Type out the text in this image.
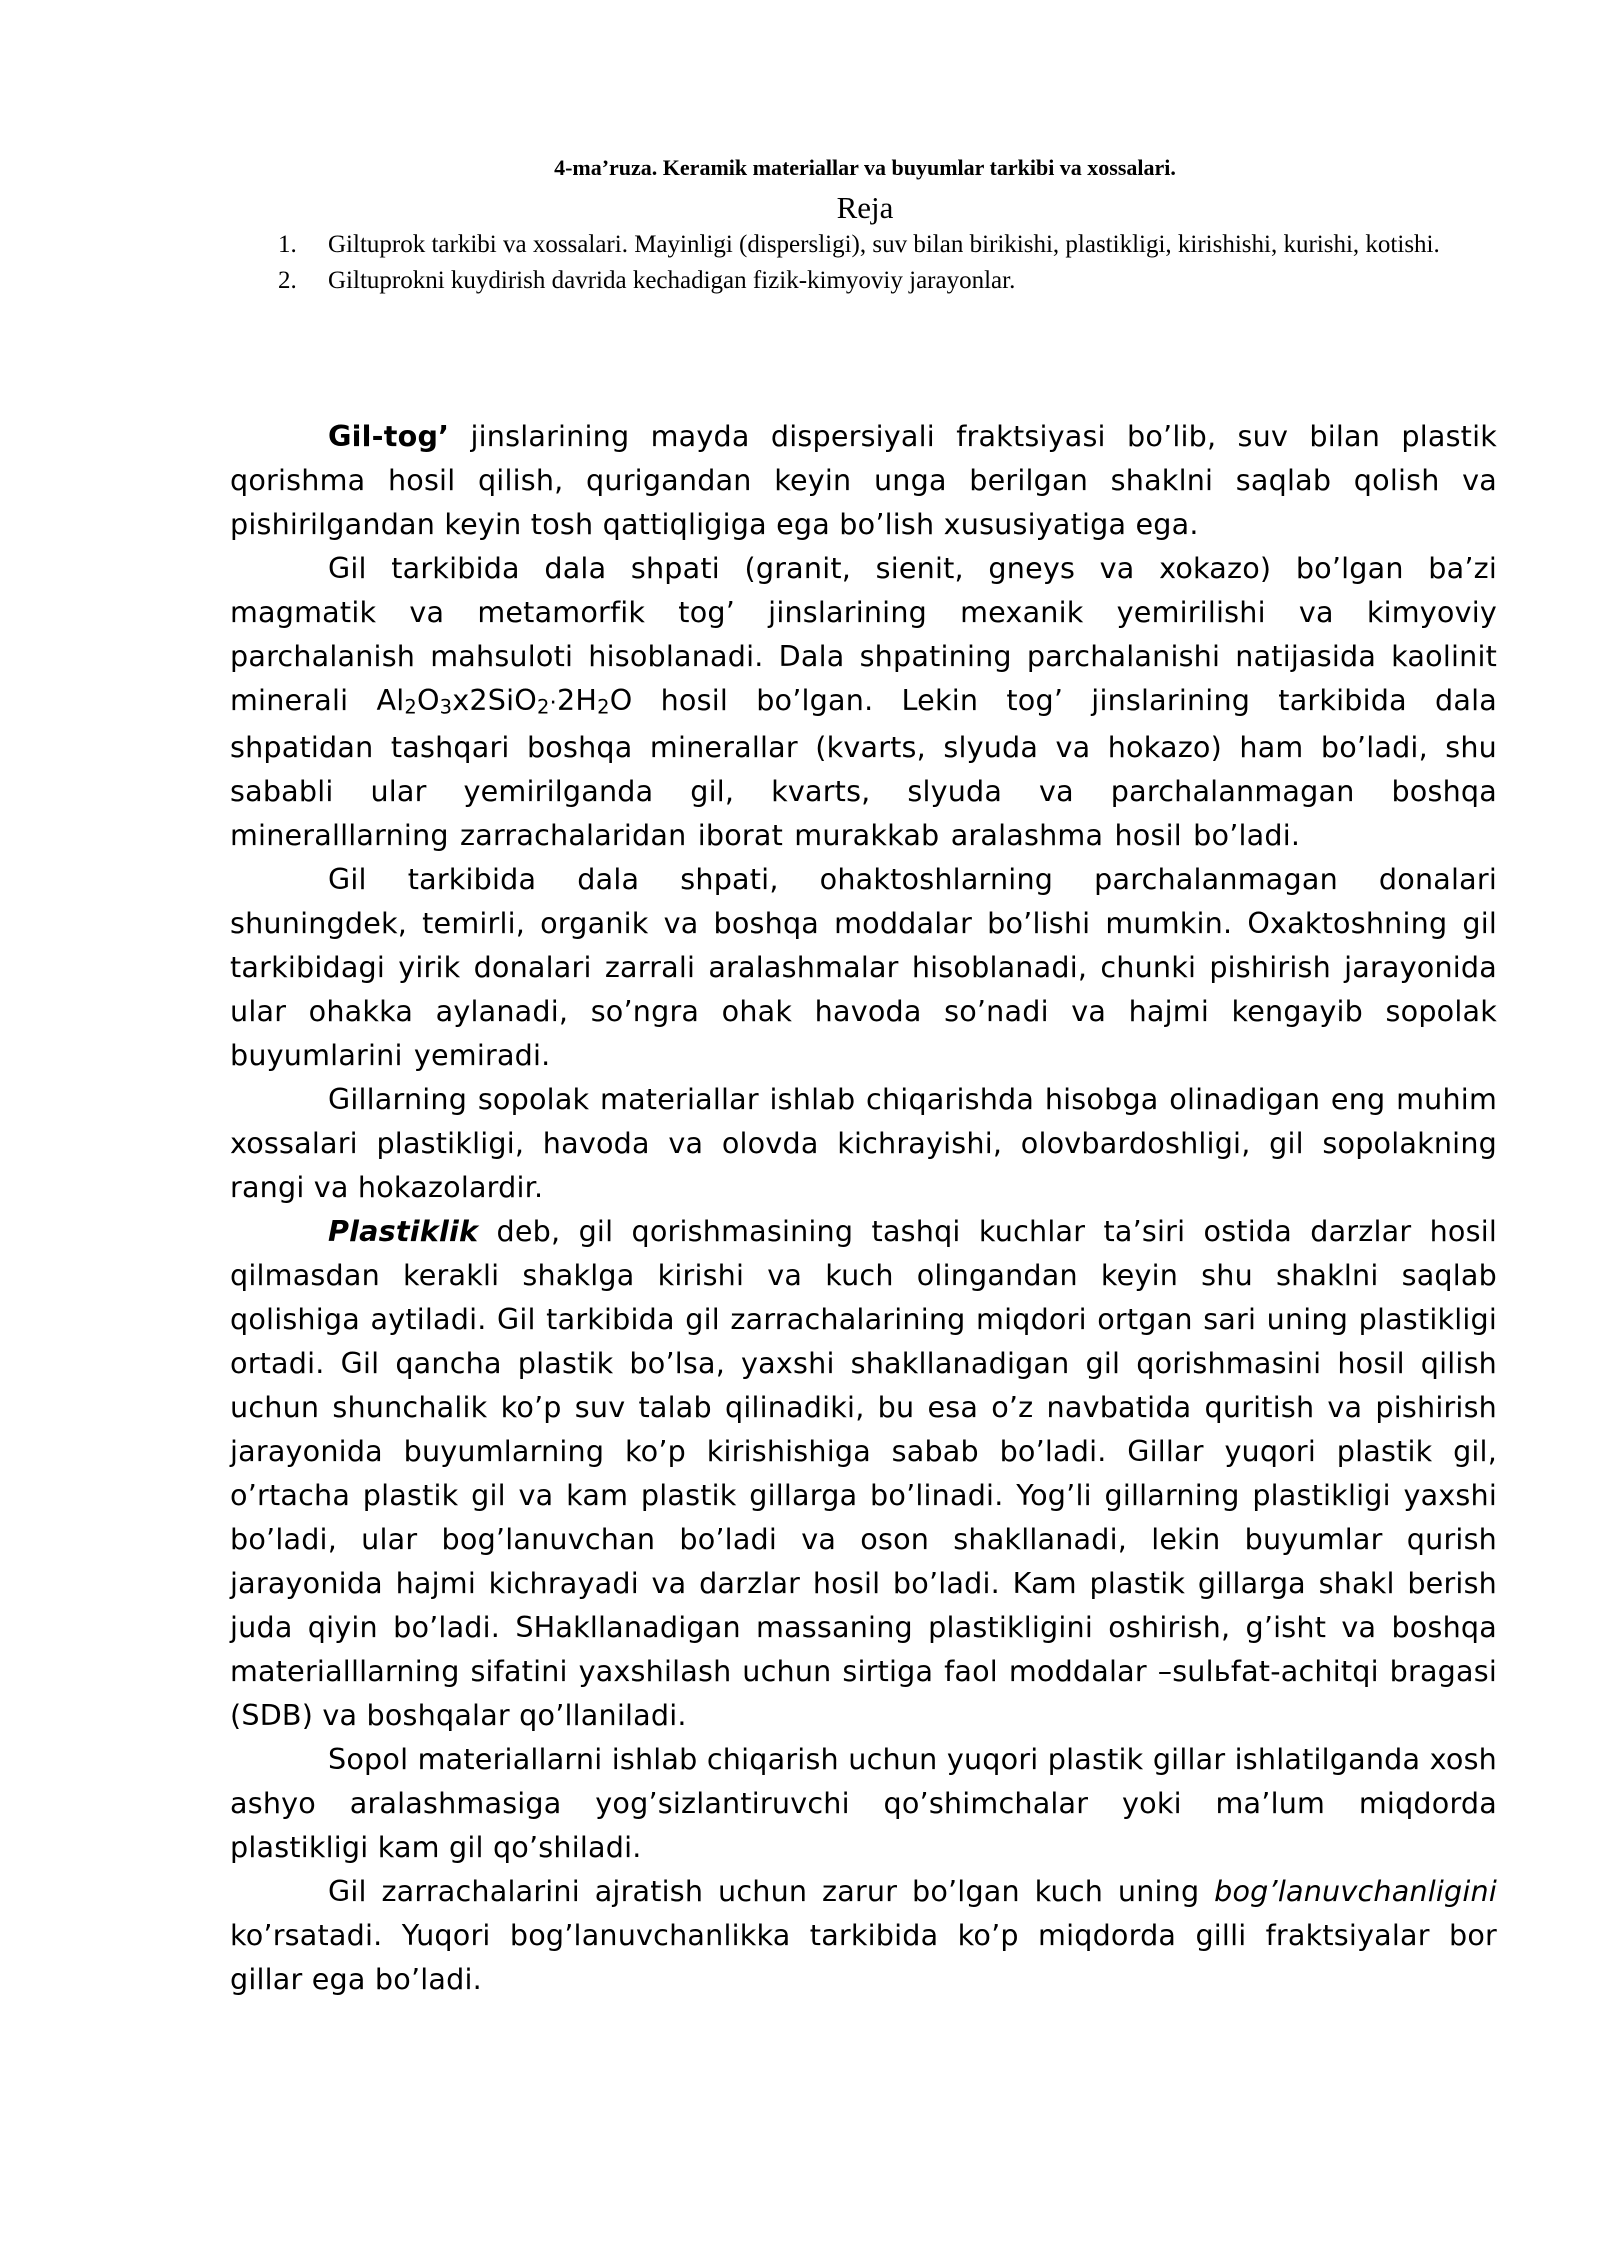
4-ma’ruza. Keramik materiallar va buyumlar tarkibi va xossalari.
Reja
1. Giltuprok tarkibi va xossalari. Mayinligi (dispersligi), suv bilan birikishi, plastikligi, kirishishi, kurishi, kotishi.
2. Giltuprokni kuydirish davrida kechadigan fizik-kimyoviy jarayonlar.

Gil-tog’ jinslarining mayda dispersiyali fraktsiyasi bo’lib, suv bilan plastik qorishma hosil qilish, qurigandan keyin unga berilgan shaklni saqlab qolish va pishirilgandan keyin tosh qattiqligiga ega bo’lish xususiyatiga ega.

Gil tarkibida dala shpati (granit, sienit, gneys va xokazo) bo’lgan ba’zi magmatik va metamorfik tog’ jinslarining mexanik yemirilishi va kimyoviy parchalanish mahsuloti hisoblanadi. Dala shpatining parchalanishi natijasida kaolinit minerali $Al_2O_3x2SiO_2\cdot 2H_2O$ hosil bo’lgan. Lekin tog’ jinslarining tarkibida dala shpatidan tashqari boshqa minerallar (kvarts, slyuda va hokazo) ham bo’ladi, shu sababli ular yemirilganda gil, kvarts, slyuda va parchalanmagan boshqa mineralllarning zarrachalaridan iborat murakkab aralashma hosil bo’ladi.

Gil tarkibida dala shpati, ohaktoshlarning parchalanmagan donalari shuningdek, temirli, organik va boshqa moddalar bo’lishi mumkin. Oxaktoshning gil tarkibidagi yirik donalari zarrali aralashmalar hisoblanadi, chunki pishirish jarayonida ular ohakka aylanadi, so’ngra ohak havoda so’nadi va hajmi kengayib sopolak buyumlarini yemiradi.

Gillarning sopolak materiallar ishlab chiqarishda hisobga olinadigan eng muhim xossalari plastikligi, havoda va olovda kichrayishi, olovbardoshligi, gil sopolakning rangi va hokazolardir.

Plastiklik deb, gil qorishmasining tashqi kuchlar ta’siri ostida darzlar hosil qilmasdan kerakli shaklga kirishi va kuch olingandan keyin shu shaklni saqlab qolishiga aytiladi. Gil tarkibida gil zarrachalarining miqdori ortgan sari uning plastikligi ortadi. Gil qancha plastik bo’lsa, yaxshi shakllanadigan gil qorishmasini hosil qilish uchun shunchalik ko’p suv talab qilinadiki, bu esa o’z navbatida quritish va pishirish jarayonida buyumlarning ko’p kirishishiga sabab bo’ladi. Gillar yuqori plastik gil, o’rtacha plastik gil va kam plastik gillarga bo’linadi. Yog’li gillarning plastikligi yaxshi bo’ladi, ular bog’lanuvchan bo’ladi va oson shakllanadi, lekin buyumlar qurish jarayonida hajmi kichrayadi va darzlar hosil bo’ladi. Kam plastik gillarga shakl berish juda qiyin bo’ladi. SHakllanadigan massaning plastikligini oshirish, g’isht va boshqa materialllarning sifatini yaxshilash uchun sirtiga faol moddalar –sulьfat-achitqi bragasi (SDB) va boshqalar qo’llaniladi.

Sopol materiallarni ishlab chiqarish uchun yuqori plastik gillar ishlatilganda xosh ashyo aralashmasiga yog’sizlantiruvchi qo’shimchalar yoki ma’lum miqdorda plastikligi kam gil qo’shiladi.

Gil zarrachalarini ajratish uchun zarur bo’lgan kuch uning bog’lanuvchanligini ko’rsatadi. Yuqori bog’lanuvchanlikka tarkibida ko’p miqdorda gilli fraktsiyalar bor gillar ega bo’ladi.
